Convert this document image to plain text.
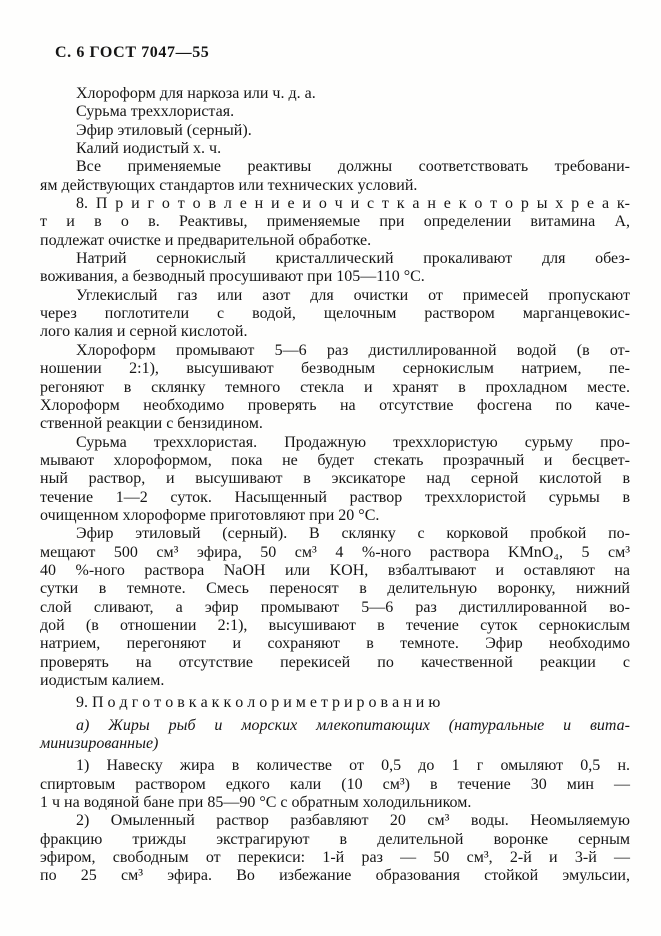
С. 6 ГОСТ 7047—55
Хлороформ для наркоза или ч. д. а.
Сурьма треххлористая.
Эфир этиловый (серный).
Калий иодистый х. ч.
Все применяемые реактивы должны соответствовать требовани-
ям действующих стандартов или технических условий.
8. П р и г о т о в л е н и е и о ч и с т к а н е к о т о р ы х р е а к-
т и в о в. Реактивы, применяемые при определении витамина А,
подлежат очистке и предварительной обработке.
Натрий сернокислый кристаллический прокаливают для обез-
воживания, а безводный просушивают при 105—110 °С.
Углекислый газ или азот для очистки от примесей пропускают
через поглотители с водой, щелочным раствором марганцевокис-
лого калия и серной кислотой.
Хлороформ промывают 5—6 раз дистиллированной водой (в от-
ношении 2:1), высушивают безводным сернокислым натрием, пе-
регоняют в склянку темного стекла и хранят в прохладном месте.
Хлороформ необходимо проверять на отсутствие фосгена по каче-
ственной реакции с бензидином.
Сурьма треххлористая. Продажную треххлористую сурьму про-
мывают хлороформом, пока не будет стекать прозрачный и бесцвет-
ный раствор, и высушивают в эксикаторе над серной кислотой в
течение 1—2 суток. Насыщенный раствор треххлористой сурьмы в
очищенном хлороформе приготовляют при 20 °С.
Эфир этиловый (серный). В склянку с корковой пробкой по-
мещают 500 см³ эфира, 50 см³ 4 %-ного раствора KMnO₄, 5 см³
40 %-ного раствора NaOH или KOH, взбалтывают и оставляют на
сутки в темноте. Смесь переносят в делительную воронку, нижний
слой сливают, а эфир промывают 5—6 раз дистиллированной во-
дой (в отношении 2:1), высушивают в течение суток сернокислым
натрием, перегоняют и сохраняют в темноте. Эфир необходимо
проверять на отсутствие перекисей по качественной реакции с
иодистым калием.
9. П о д г о т о в к а к к о л о р и м е т р и р о в а н и ю
а) Жиры рыб и морских млекопитающих (натуральные и вита-
минизированные)
1) Навеску жира в количестве от 0,5 до 1 г омыляют 0,5 н.
спиртовым раствором едкого кали (10 см³) в течение 30 мин —
1 ч на водяной бане при 85—90 °С с обратным холодильником.
2) Омыленный раствор разбавляют 20 см³ воды. Неомыляемую
фракцию трижды экстрагируют в делительной воронке серным
эфиром, свободным от перекиси: 1-й раз — 50 см³, 2-й и 3-й —
по 25 см³ эфира. Во избежание образования стойкой эмульсии,
